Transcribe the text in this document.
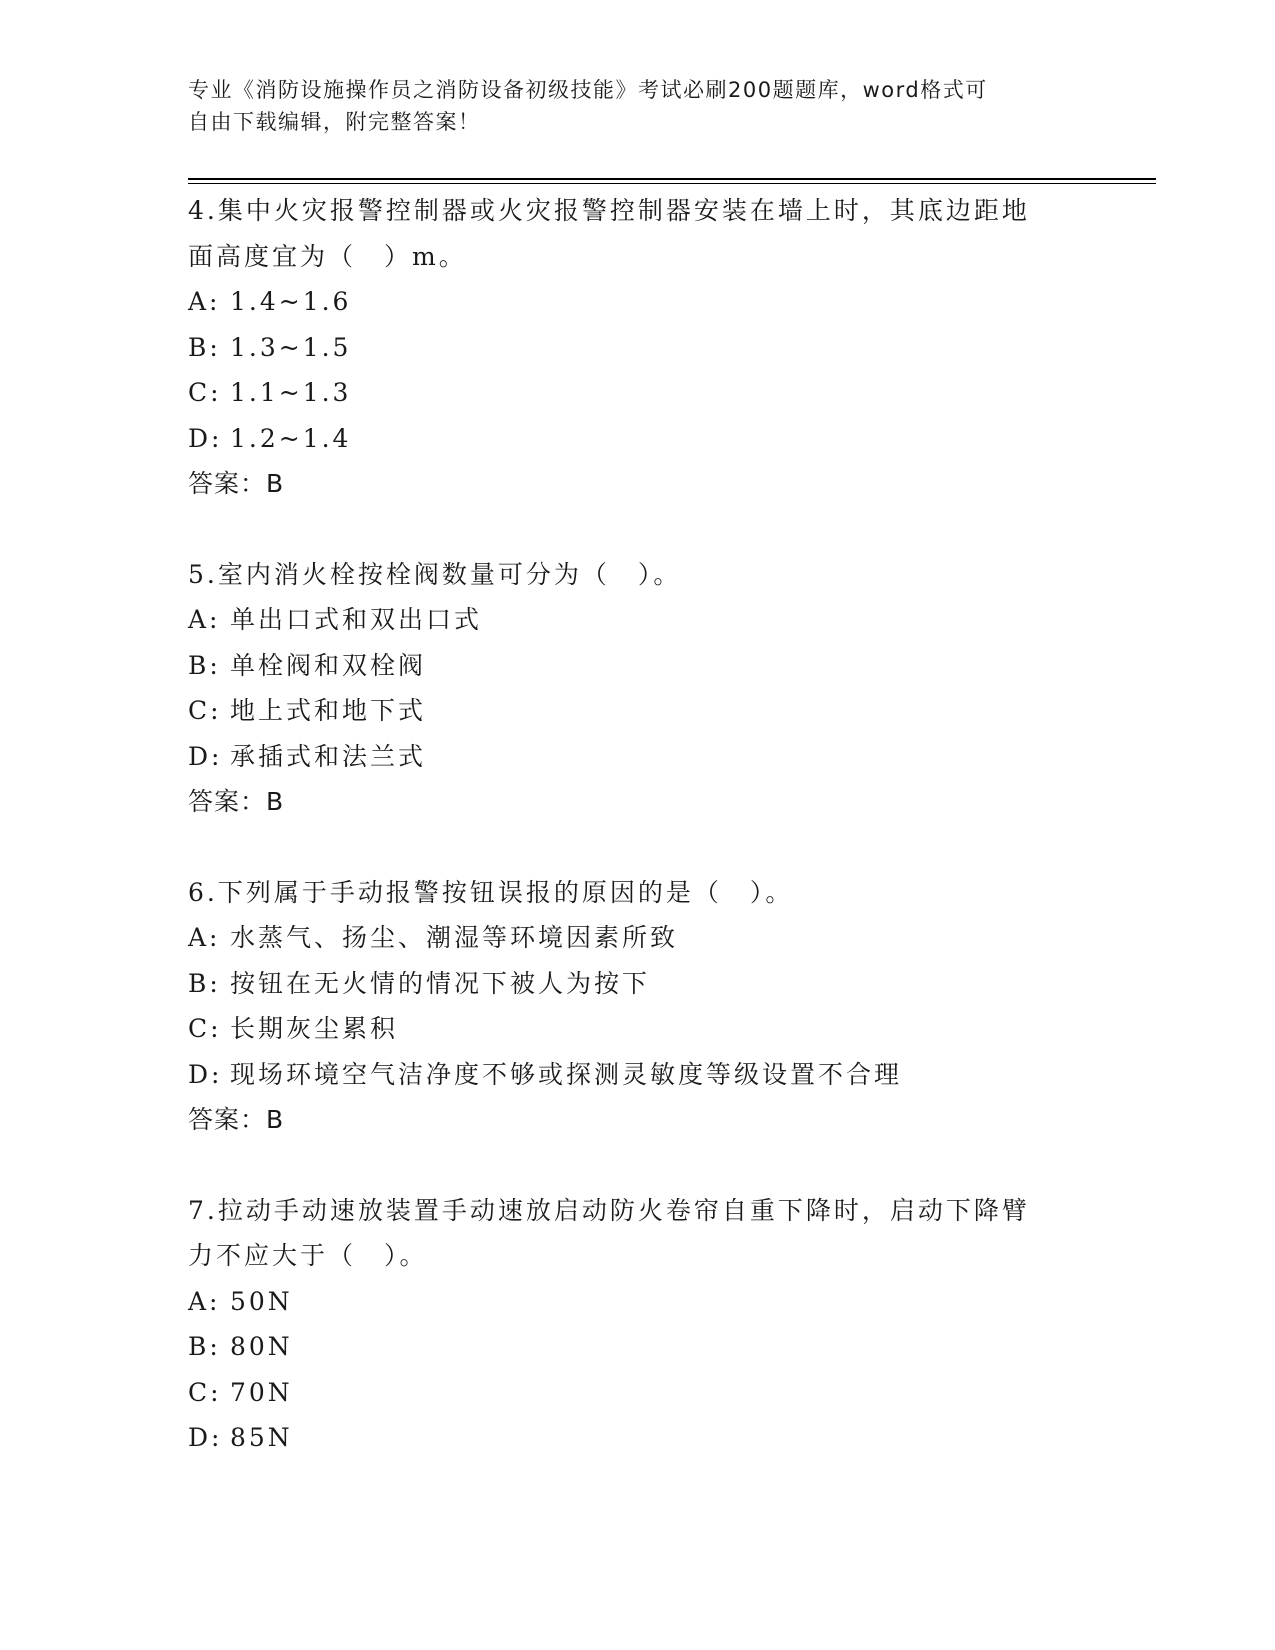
专业《消防设施操作员之消防设备初级技能》考试必刷200题题库，word格式可
自由下载编辑，附完整答案！

4.集中火灾报警控制器或火灾报警控制器安装在墙上时，其底边距地

面高度宜为（　）m。

A: 1.4~1.6

B: 1.3~1.5

C: 1.1~1.3

D: 1.2~1.4

答案：B

5.室内消火栓按栓阀数量可分为（　）。

A: 单出口式和双出口式

B: 单栓阀和双栓阀

C: 地上式和地下式

D: 承插式和法兰式

答案：B

6.下列属于手动报警按钮误报的原因的是（　）。

A: 水蒸气、扬尘、潮湿等环境因素所致

B: 按钮在无火情的情况下被人为按下

C: 长期灰尘累积

D: 现场环境空气洁净度不够或探测灵敏度等级设置不合理

答案：B

7.拉动手动速放装置手动速放启动防火卷帘自重下降时，启动下降臂

力不应大于（　）。

A: 50N

B: 80N

C: 70N

D: 85N
